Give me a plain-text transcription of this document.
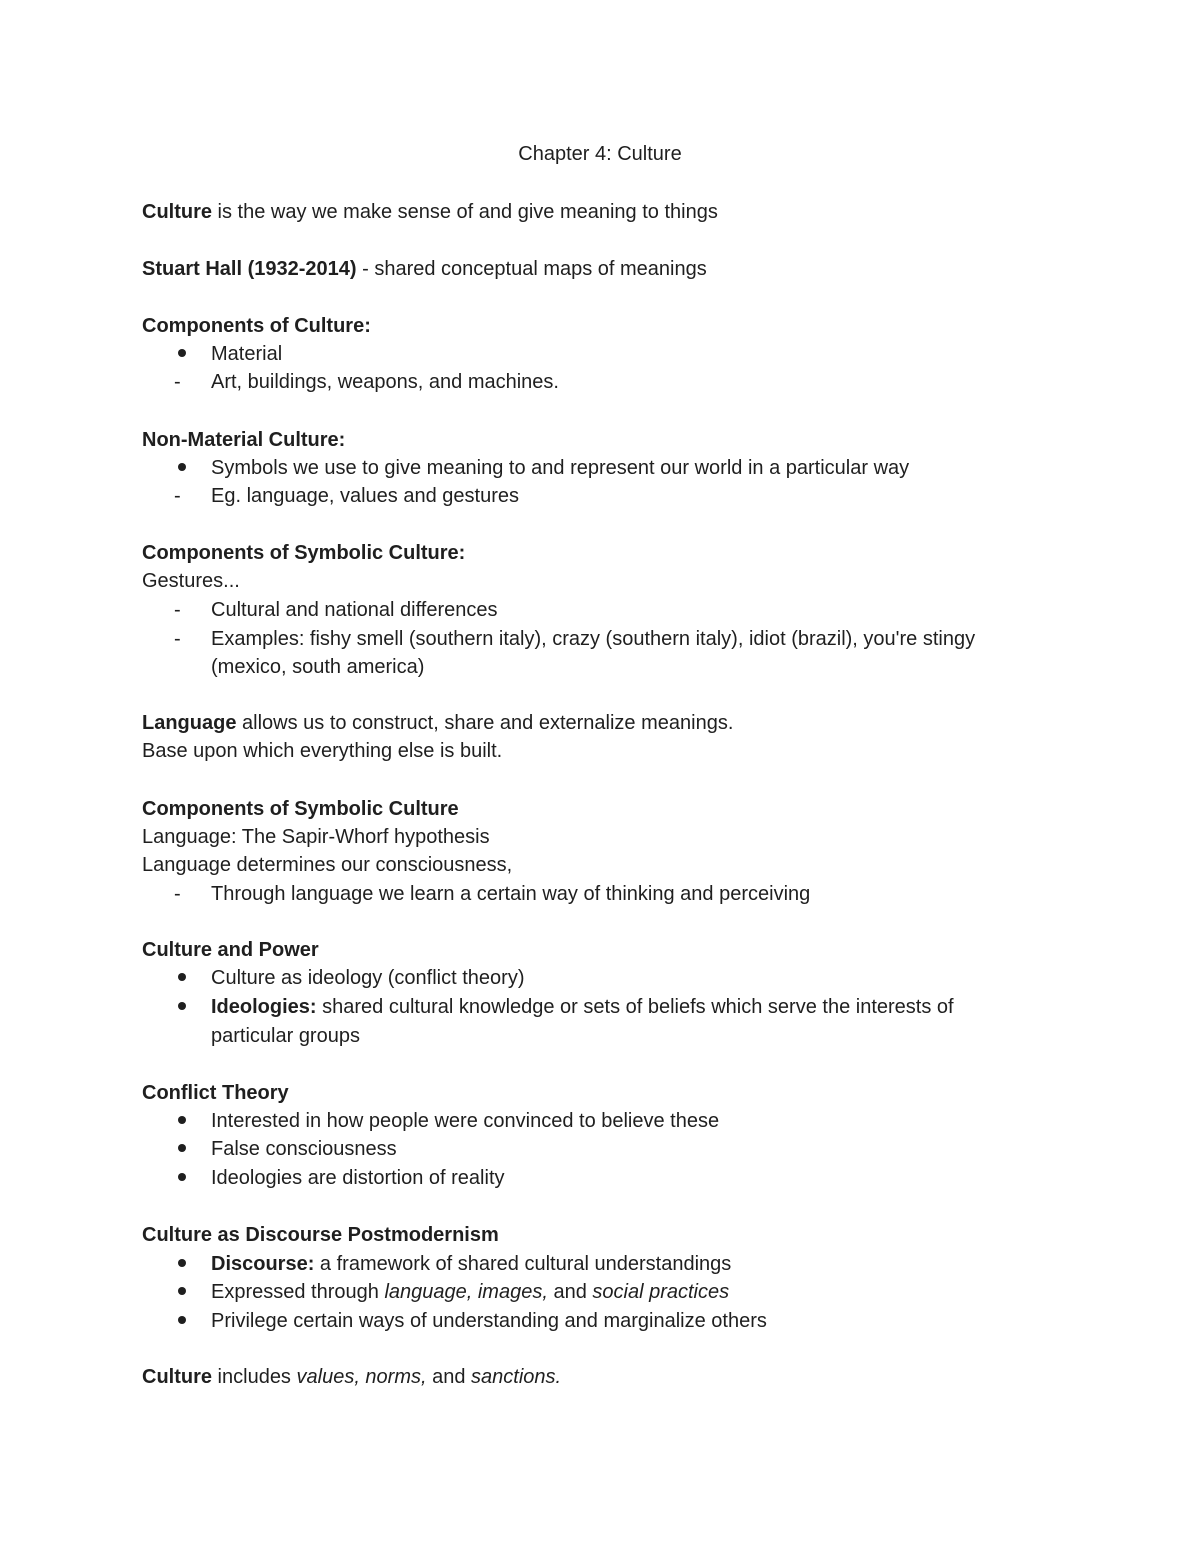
Chapter 4: Culture
Culture is the way we make sense of and give meaning to things
Stuart Hall (1932-2014) - shared conceptual maps of meanings
Components of Culture:
Material
- Art, buildings, weapons, and machines.
Non-Material Culture:
Symbols we use to give meaning to and represent our world in a particular way
- Eg. language, values and gestures
Components of Symbolic Culture:
Gestures...
- Cultural and national differences
- Examples: fishy smell (southern italy), crazy (southern italy), idiot (brazil), you're stingy
(mexico, south america)
Language allows us to construct, share and externalize meanings.
Base upon which everything else is built.
Components of Symbolic Culture
Language: The Sapir-Whorf hypothesis
Language determines our consciousness,
- Through language we learn a certain way of thinking and perceiving
Culture and Power
Culture as ideology (conflict theory)
Ideologies: shared cultural knowledge or sets of beliefs which serve the interests of
particular groups
Conflict Theory
Interested in how people were convinced to believe these
False consciousness
Ideologies are distortion of reality
Culture as Discourse Postmodernism
Discourse: a framework of shared cultural understandings
Expressed through language, images, and social practices
Privilege certain ways of understanding and marginalize others
Culture includes values, norms, and sanctions.
